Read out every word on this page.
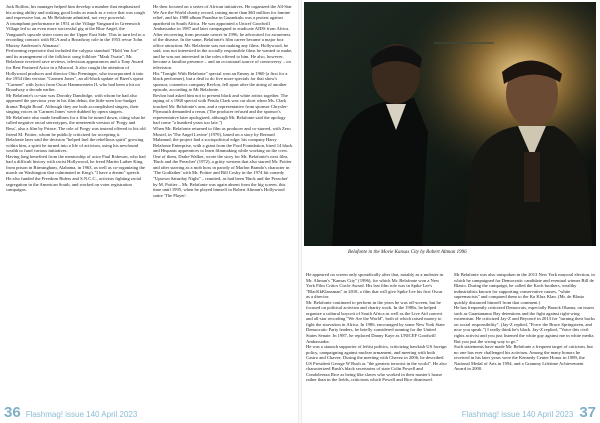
Jack Rollins, his manager helped him develop a number that emphasized his acting ability and striking good looks as much as a voice that was rough and expressive but, as Mr Belafonte admitted, not very powerful.

A triumphant performance in 1951 at the Village Vanguard in Greenwich Village led to an even more successful gig at the Blue Angel, the Vanguard's upscale sister room on the Upper East Side. This in turn led to a recording contract with RCA and a Broadway role in the 1953 revue 'John Murray Anderson's Almanac'.

Performing repertoire that included the calypso standard "Hold 'em Joe" and its arrangement of the folkloric song folklore "Mark Twain", Mr. Belafonte received rave reviews, television appearances and a Tony Award for Best Featured Actor in a Musical. It also caught the attention of Hollywood producer and director Otto Preminger, who incorporated it into the 1954 film version "Carmen Jones", an all-black update of Bizet's opera "Carmen" with lyrics from Oscar Hammerstein II, who had been a hit on Broadway a decade earlier.

Mr Belafonte's co-star was Dorothy Dandridge, with whom he had also appeared the previous year in his film debut, the little-seen low-budget drama 'Bright Road'. Although they are both accomplished singers, their singing voices in 'Carmen Jones' were dubbed by opera singers.

Mr Belafonte also made headlines for a film he turned down, citing what he called negative racial stereotypes, the nineteenth version of 'Porgy and Bess', also a film by Prince. The role of Porgy was instead offered to his old friend M. Poitier, whom he publicly criticized for accepting it.

Belafonte later said the decision "helped fuel the rebellious spirit" growing within him, a spirit he turned into a life of activism, using his newfound wealth to fund various initiatives.

Having long benefited from the mentorship of actor Paul Robeson, who had had a difficult history with racist Hollywood, he freed Martin Luther King from prison in Birmingham, Alabama, in 1963, as well as co-organizing the march on Washington that culminated in King's "I have a dream" speech. He also funded the Freedom Riders and S.N.C.C., activists fighting racial segregation in the American South, and worked on voter registration campaigns.

He then focused on a series of African initiatives. He organized the All-Star We Are the World charity record, raising more than $63 million for famine relief, and his 1988 album Paradise in Gazankulu was a protest against apartheid in South Africa. He was appointed a Unicef Goodwill Ambassador in 1987 and later campaigned to eradicate AIDS from Africa.

After recovering from prostate cancer in 1996, he advocated for awareness of the disease. In the same, Belafonte's film career became a major box office attraction. Mr. Belafonte was not making any films. Hollywood, he said, was not interested in the socially responsible films he wanted to make, and he was not interested in the roles offered to him. He also, however, become a familiar presence – and an occasional source of controversy – on television.

His "Tonight With Belafonte" special won an Emmy in 1960 (a first for a black performer), but a deal to do five more specials for that show's sponsor, cosmetics company Revlon, fell apart after the airing of another episode, according to Mr Belafonte.

Revlon had asked him not to present black and white artists together. The taping of a 1968 special with Petula Clark was cut short when Ms. Clark touched Mr. Belafonte's arm, and a representative from sponsor Chrysler-Plymouth demanded a rerun. (The producer refused and the sponsor's representative later apologized, although Mr. Belafonte said the apology had come "a hundred years too late.")

When Mr. Belafonte returned to film as producer and co-starred, with Zero Mostel, in 'The Angel Levine' (1970), based on a story by Bernard Malamud, the project had a sociopolitical edge: his company Harry Belafonte Enterprise, with a grant from the Ford Foundation, hired 14 black and Hispanic apprentices to learn filmmaking while working on the crew. One of them, Drake Walker, wrote the story for Mr. Belafonte's next film, 'Buck and the Preacher' (1972), a gritty western that also starred Mr. Poitier and after starring as a mob boss in parody of Marlon Brando's character in 'The Godfather' with Mr. Poitier and Bill Cosby in the 1974 hit comedy "Uptown Saturday Night" – reunited, as had been 'Buck and the Preacher' by M. Poitier – Mr. Belafonte was again absent from the big screen, this time until 1995, when he played himself in Robert Altman's Hollywood satire 'The Player'.

36 Flashmag! issue 140 April 2023
Belafonte in the Movie Kansas City by Robert Altman 1996

He appeared on screen only sporadically after that, notably as a mobster in Mr. Altman's "Kansas City" (1996), for which Mr. Belafonte won a New York Film Critics Circle Award. His last film role was in Spike Lee's "BlacKkKlansman" in 2018, a film that will give Spike Lee his first Oscar as a director.

Mr. Belafonte continued to perform in the years he was off-screen, but he focused on political activism and charity work. In the 1980s, he helped organize a cultural boycott of South Africa as well as the Live Aid concert and all-star recording "We Are the World", both of which raised money to fight the starvation in Africa. In 1986, encouraged by some New York State Democratic Party leaders, he briefly considered running for the United States Senate. In 1987, he replaced Danny Kaye as UNICEF Goodwill Ambassador.

He was a staunch supporter of leftist politics, criticizing hawkish US foreign policy, campaigning against nuclear armament, and meeting with both Castro and Chavez. During the meeting with Chavez in 2006, he described US President George W Bush as "the greatest terrorist in the world". He also characterized Bush's black secretaries of state Colin Powell and Condoleezza Rice as being like slaves who worked in their master's house rather than in the fields, criticisms which Powell and Rice dismissed.

Mr Belafonte was also outspoken in the 2013 New York mayoral election, in which he campaigned for Democratic candidate and eventual winner Bill de Blasio. During the campaign, he called the Koch brothers, wealthy industrialists known for supporting conservative causes, "white supremacists" and compared them to the Ku Klux Klan. (Mr. de Blasio quickly distanced himself from that comment.)

He has frequently criticized Democrats, especially Barack Obama, on issues such as Guantanamo Bay detentions and the fight against right-wing extremism. He criticized Jay-Z and Beyoncé in 2013 for "turning their backs on social responsibility". (Jay-Z replied, "Force the Bruce Springsteen, and now you speak.") I really think he's black. Jay-Z replied, "Voice this civil rights activist and you just listened the white guy against me in white media. But you just the wrong way to go."

Such statements have made Mr. Belafonte a frequent target of criticism, but no one has ever challenged his activism. Among the many honors he received in his later years were the Kennedy Center Honor in 1989, the National Medal of Arts in 1994, and a Grammy Lifetime Achievement Award in 2000.

Flashmag! issue 140 April 2023 37
